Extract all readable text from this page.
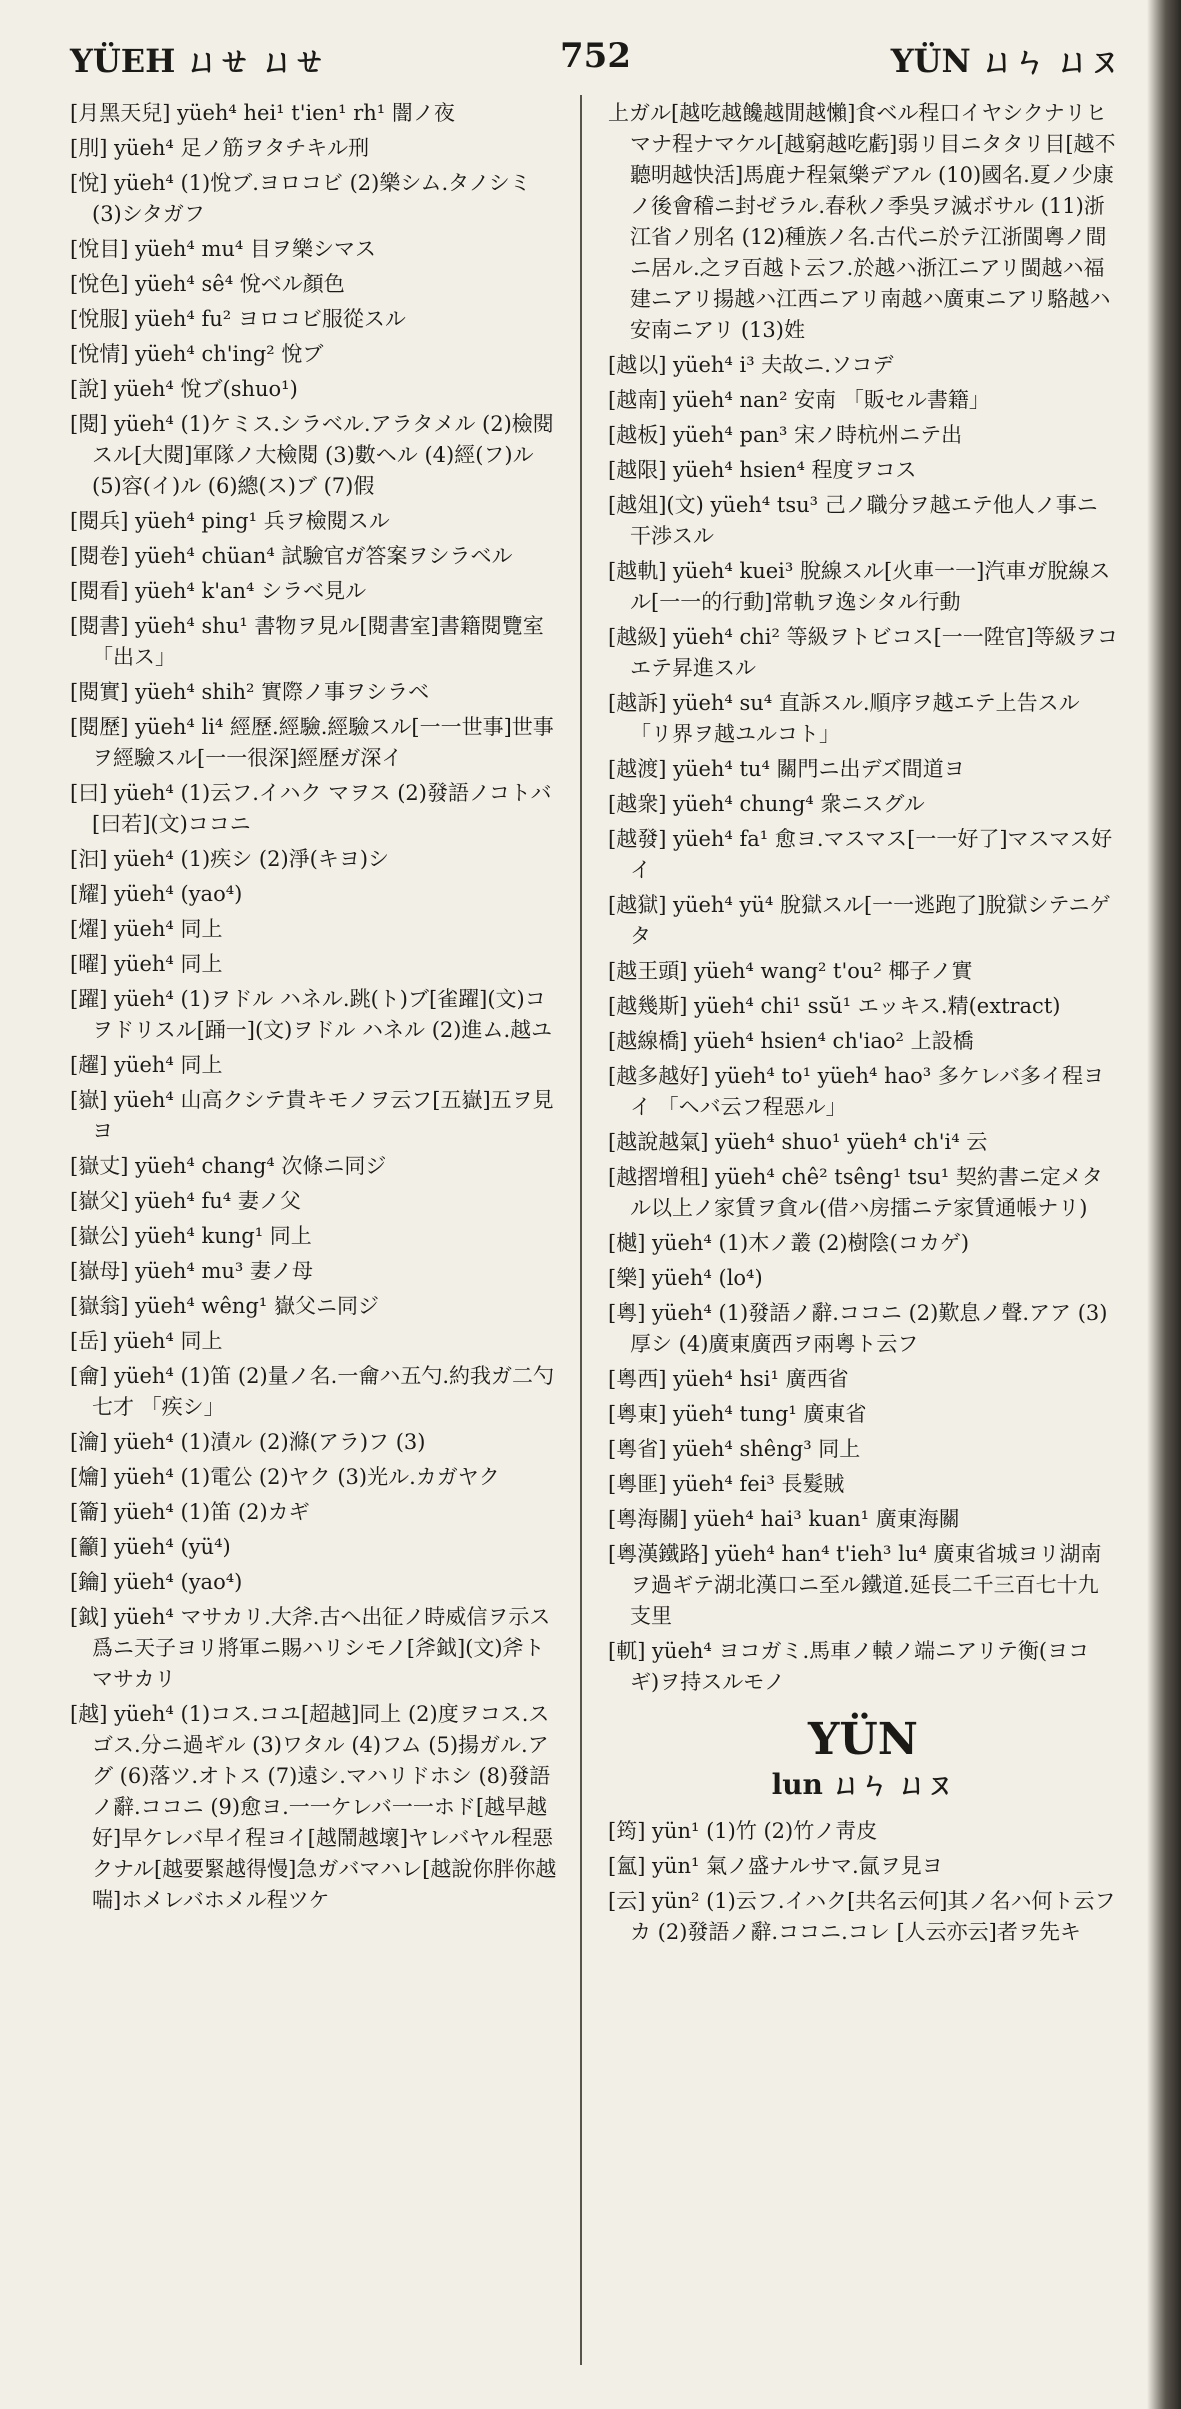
YÜEH ㄩㄝ ㄩㄝ	752	YÜN ㄩㄣ ㄩㄡ
[月黑天兒] yüeh⁴ hei¹ t'ien¹ rh¹ 闇ノ夜
[刖] yüeh⁴ 足ノ筋ヲタチキル刑
[悅] yüeh⁴ (1)悅ブ.ヨロコビ (2)樂シム.タノシミ (3)シタガフ
[悅目] yüeh⁴ mu⁴ 目ヲ樂シマス
[悅色] yüeh⁴ sê⁴ 悅ベル顏色
[悅服] yüeh⁴ fu² ヨロコビ服從スル
[悅情] yüeh⁴ ch'ing² 悅ブ
[說] yüeh⁴ 悅ブ(shuo¹)
[閱] yüeh⁴ (1)ケミス.シラベル.アラタメル (2)檢閱スル[大閱]軍隊ノ大檢閱 (3)數ヘル (4)經(フ)ル (5)容(イ)ル (6)總(ス)ブ (7)假
[閱兵] yüeh⁴ ping¹ 兵ヲ檢閱スル
[閱卷] yüeh⁴ chüan⁴ 試驗官ガ答案ヲシラベル
[閱看] yüeh⁴ k'an⁴ シラベ見ル
[閱書] yüeh⁴ shu¹ 書物ヲ見ル[閱書室]書籍閱覽室 「出ス」
[閱實] yüeh⁴ shih² 實際ノ事ヲシラベ
[閱歷] yüeh⁴ li⁴ 經歷.經驗.經驗スル[一一世事]世事ヲ經驗スル[一一很深]經歷ガ深イ
[曰] yüeh⁴ (1)云フ.イハク マヲス (2)發語ノコトバ[曰若](文)ココニ
[汩] yüeh⁴ (1)疾シ (2)淨(キヨ)シ
[耀] yüeh⁴ (yao⁴)
[燿] yüeh⁴ 同上
[曜] yüeh⁴ 同上
[躍] yüeh⁴ (1)ヲドル ハネル.跳(ト)ブ[雀躍](文)コヲドリスル[踊一](文)ヲドル ハネル (2)進ム.越ユ
[趯] yüeh⁴ 同上
[嶽] yüeh⁴ 山高クシテ貴キモノヲ云フ[五嶽]五ヲ見ヨ
[嶽丈] yüeh⁴ chang⁴ 次條ニ同ジ
[嶽父] yüeh⁴ fu⁴ 妻ノ父
[嶽公] yüeh⁴ kung¹ 同上
[嶽母] yüeh⁴ mu³ 妻ノ母
[嶽翁] yüeh⁴ wêng¹ 嶽父ニ同ジ
[岳] yüeh⁴ 同上
[龠] yüeh⁴ (1)笛 (2)量ノ名.一龠ハ五勺.約我ガ二勺七才 「疾シ」
[瀹] yüeh⁴ (1)漬ル (2)滌(アラ)フ (3)
[爚] yüeh⁴ (1)電公 (2)ヤク (3)光ル.カガヤク
[籥] yüeh⁴ (1)笛 (2)カギ
[籲] yüeh⁴ (yü⁴)
[鑰] yüeh⁴ (yao⁴)
[鉞] yüeh⁴ マサカリ.大斧.古ヘ出征ノ時威信ヲ示ス爲ニ天子ヨリ將軍ニ賜ハリシモノ[斧鉞](文)斧トマサカリ
[越] yüeh⁴ (1)コス.コユ[超越]同上 (2)度ヲコス.スゴス.分ニ過ギル (3)ワタル (4)フム (5)揚ガル.アグ (6)落ツ.オトス (7)遠シ.マハリドホシ (8)發語ノ辭.ココニ (9)愈ヨ.一一ケレバ一一ホド[越早越好]早ケレバ早イ程ヨイ[越鬧越壞]ヤレバヤル程惡クナル[越要緊越得慢]急ガバマハレ[越說你胖你越喘]ホメレバホメル程ツケ
上ガル[越吃越饞越閒越懶]食ベル程口イヤシクナリヒマナ程ナマケル[越窮越吃虧]弱リ目ニタタリ目[越不聽明越快活]馬鹿ナ程氣樂デアル (10)國名.夏ノ少康ノ後會稽ニ封ゼラル.春秋ノ季吳ヲ滅ボサル (11)浙江省ノ別名 (12)種族ノ名.古代ニ於テ江浙閩粵ノ間ニ居ル.之ヲ百越ト云フ.於越ハ浙江ニアリ閩越ハ福建ニアリ揚越ハ江西ニアリ南越ハ廣東ニアリ駱越ハ安南ニアリ (13)姓
[越以] yüeh⁴ i³ 夫故ニ.ソコデ
[越南] yüeh⁴ nan² 安南 「販セル書籍」
[越板] yüeh⁴ pan³ 宋ノ時杭州ニテ出
[越限] yüeh⁴ hsien⁴ 程度ヲコス
[越俎](文) yüeh⁴ tsu³ 己ノ職分ヲ越エテ他人ノ事ニ干渉スル
[越軌] yüeh⁴ kuei³ 脫線スル[火車一一]汽車ガ脫線スル[一一的行動]常軌ヲ逸シタル行動
[越級] yüeh⁴ chi² 等級ヲトビコス[一一陞官]等級ヲコエテ昇進スル
[越訴] yüeh⁴ su⁴ 直訴スル.順序ヲ越エテ上告スル 「リ界ヲ越ユルコト」
[越渡] yüeh⁴ tu⁴ 關門ニ出デズ間道ヨ
[越衆] yüeh⁴ chung⁴ 衆ニスグル
[越發] yüeh⁴ fa¹ 愈ヨ.マスマス[一一好了]マスマス好イ
[越獄] yüeh⁴ yü⁴ 脫獄スル[一一逃跑了]脫獄シテニゲタ
[越王頭] yüeh⁴ wang² t'ou² 椰子ノ實
[越幾斯] yüeh⁴ chi¹ ssŭ¹ エッキス.精(extract)
[越線橋] yüeh⁴ hsien⁴ ch'iao² 上設橋
[越多越好] yüeh⁴ to¹ yüeh⁴ hao³ 多ケレバ多イ程ヨイ 「ヘバ云フ程惡ル」
[越說越氣] yüeh⁴ shuo¹ yüeh⁴ ch'i⁴ 云
[越摺增租] yüeh⁴ chê² tsêng¹ tsu¹ 契約書ニ定メタル以上ノ家賃ヲ貪ル(借ハ房擂ニテ家賃通帳ナリ)
[樾] yüeh⁴ (1)木ノ叢 (2)樹陰(コカゲ)
[樂] yüeh⁴ (lo⁴)
[粵] yüeh⁴ (1)發語ノ辭.ココニ (2)歎息ノ聲.アア (3)厚シ (4)廣東廣西ヲ兩粵ト云フ
[粵西] yüeh⁴ hsi¹ 廣西省
[粵東] yüeh⁴ tung¹ 廣東省
[粵省] yüeh⁴ shêng³ 同上
[粵匪] yüeh⁴ fei³ 長髮賊
[粵海關] yüeh⁴ hai³ kuan¹ 廣東海關
[粵漢鐵路] yüeh⁴ han⁴ t'ieh³ lu⁴ 廣東省城ヨリ湖南ヲ過ギテ湖北漢口ニ至ル鐵道.延長二千三百七十九支里
[軏] yüeh⁴ ヨコガミ.馬車ノ轅ノ端ニアリテ衡(ヨコギ)ヲ持スルモノ
YÜN
lun ㄩㄣ ㄩㄡ
[筠] yün¹ (1)竹 (2)竹ノ靑皮
[氳] yün¹ 氣ノ盛ナルサマ.氤ヲ見ヨ
[云] yün² (1)云フ.イハク[共名云何]其ノ名ハ何ト云フカ (2)發語ノ辭.ココニ.コレ [人云亦云]者ヲ先キ
